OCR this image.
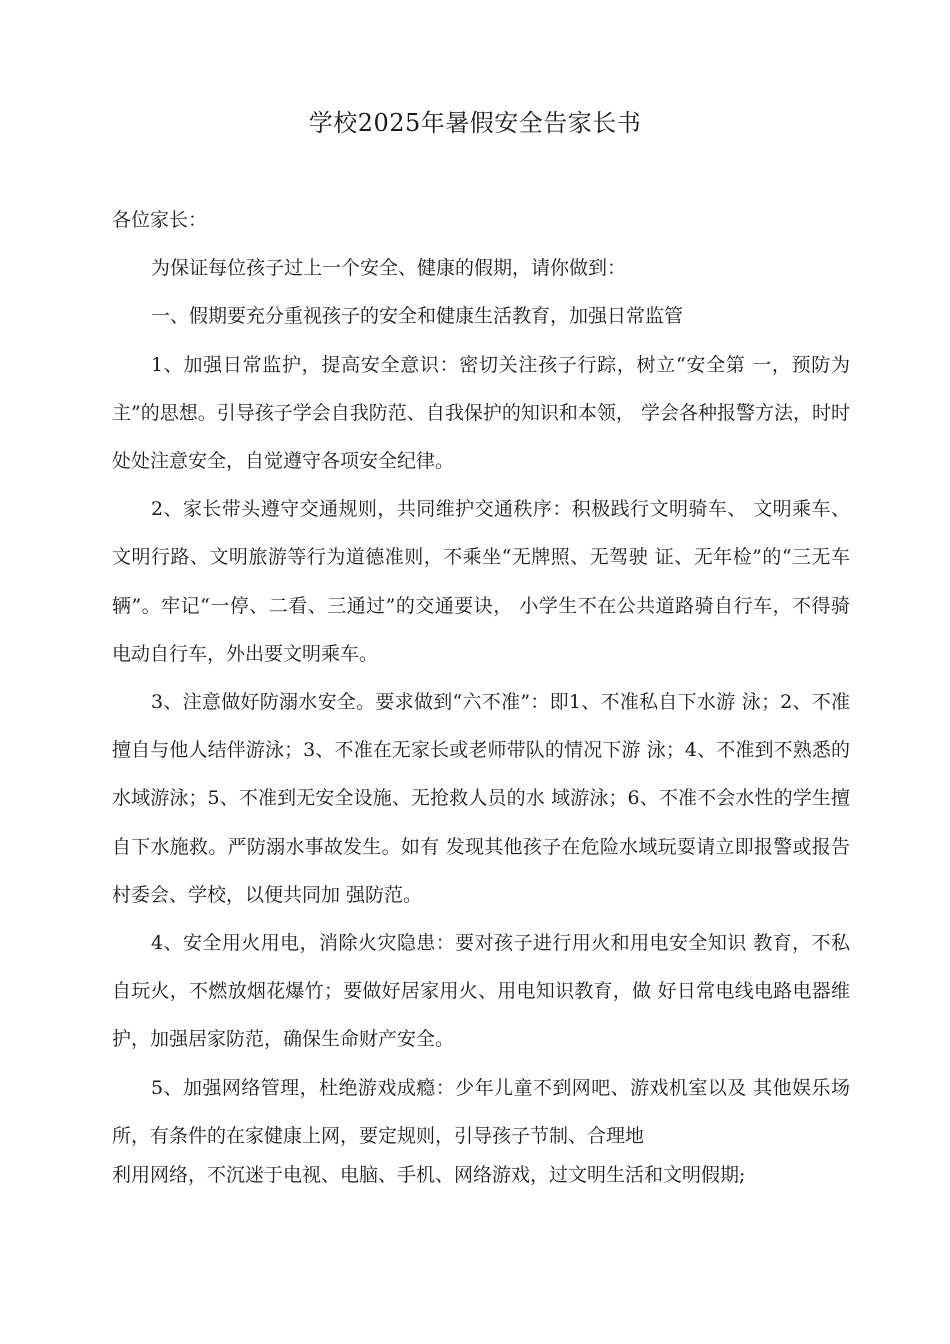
学校2025年暑假安全告家长书

各位家长：

为保证每位孩子过上一个安全、健康的假期，请你做到：

一、假期要充分重视孩子的安全和健康生活教育，加强日常监管

1、加强日常监护，提高安全意识：密切关注孩子行踪，树立“安全第 一，预防为主”的思想。引导孩子学会自我防范、自我保护的知识和本领， 学会各种报警方法，时时处处注意安全，自觉遵守各项安全纪律。

2、家长带头遵守交通规则，共同维护交通秩序：积极践行文明骑车、 文明乘车、文明行路、文明旅游等行为道德准则，不乘坐“无牌照、无驾驶 证、无年检”的“三无车辆”。牢记“一停、二看、三通过”的交通要诀， 小学生不在公共道路骑自行车，不得骑电动自行车，外出要文明乘车。

3、注意做好防溺水安全。要求做到“六不准”：即1、不准私自下水游 泳；2、不准擅自与他人结伴游泳；3、不准在无家长或老师带队的情况下游 泳；4、不准到不熟悉的水域游泳；5、不准到无安全设施、无抢救人员的水 域游泳；6、不准不会水性的学生擅自下水施救。严防溺水事故发生。如有 发现其他孩子在危险水域玩耍请立即报警或报告村委会、学校，以便共同加 强防范。

4、安全用火用电，消除火灾隐患：要对孩子进行用火和用电安全知识 教育，不私自玩火，不燃放烟花爆竹；要做好居家用火、用电知识教育，做 好日常电线电路电器维护，加强居家防范，确保生命财产安全。

5、加强网络管理，杜绝游戏成瘾：少年儿童不到网吧、游戏机室以及 其他娱乐场所，有条件的在家健康上网，要定规则，引导孩子节制、合理地

利用网络，不沉迷于电视、电脑、手机、网络游戏，过文明生活和文明假期;
